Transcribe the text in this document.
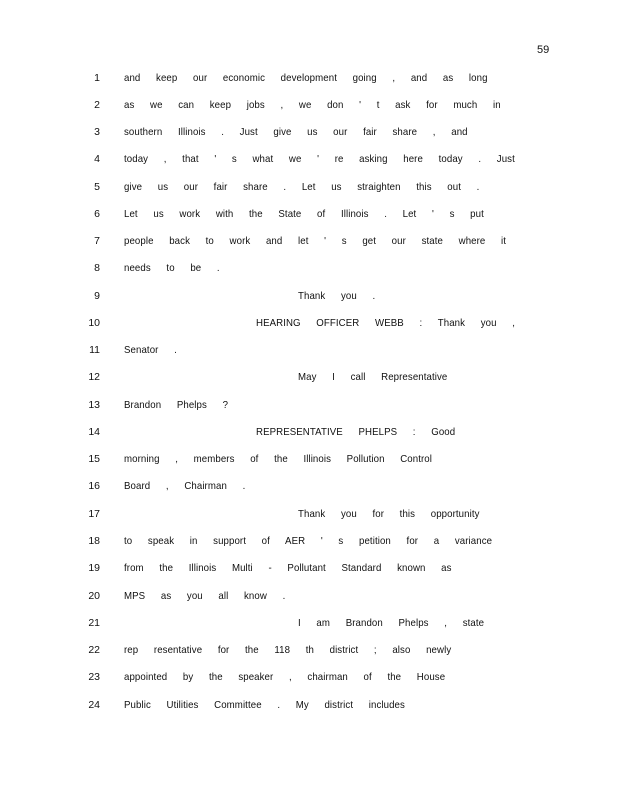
59
1 and keep our economic development going , and as long
2 as we can keep jobs , we don ' t ask for much in
3 southern Illinois . Just give us our fair share , and
4 today , that ' s what we ' re asking here today . Just
5 give us our fair share . Let us straighten this out .
6 Let us work with the State of Illinois . Let ' s put
7 people back to work and let ' s get our state where it
8 needs to be .
9	Thank you .
10	HEARING OFFICER WEBB : Thank you ,
11 Senator .
12	May I call Representative
13 Brandon Phelps ?
14	REPRESENTATIVE PHELPS : Good
15 morning , members of the Illinois Pollution Control
16 Board , Chairman .
17	Thank you for this opportunity
18 to speak in support of AER ' s petition for a variance
19 from the Illinois Multi - Pollutant Standard known as
20 MPS as you all know .
21	I am Brandon Phelps , state
22 rep resentative for the 118 th district ; also newly
23 appointed by the speaker , chairman of the House
24 Public Utilities Committee . My district includes
